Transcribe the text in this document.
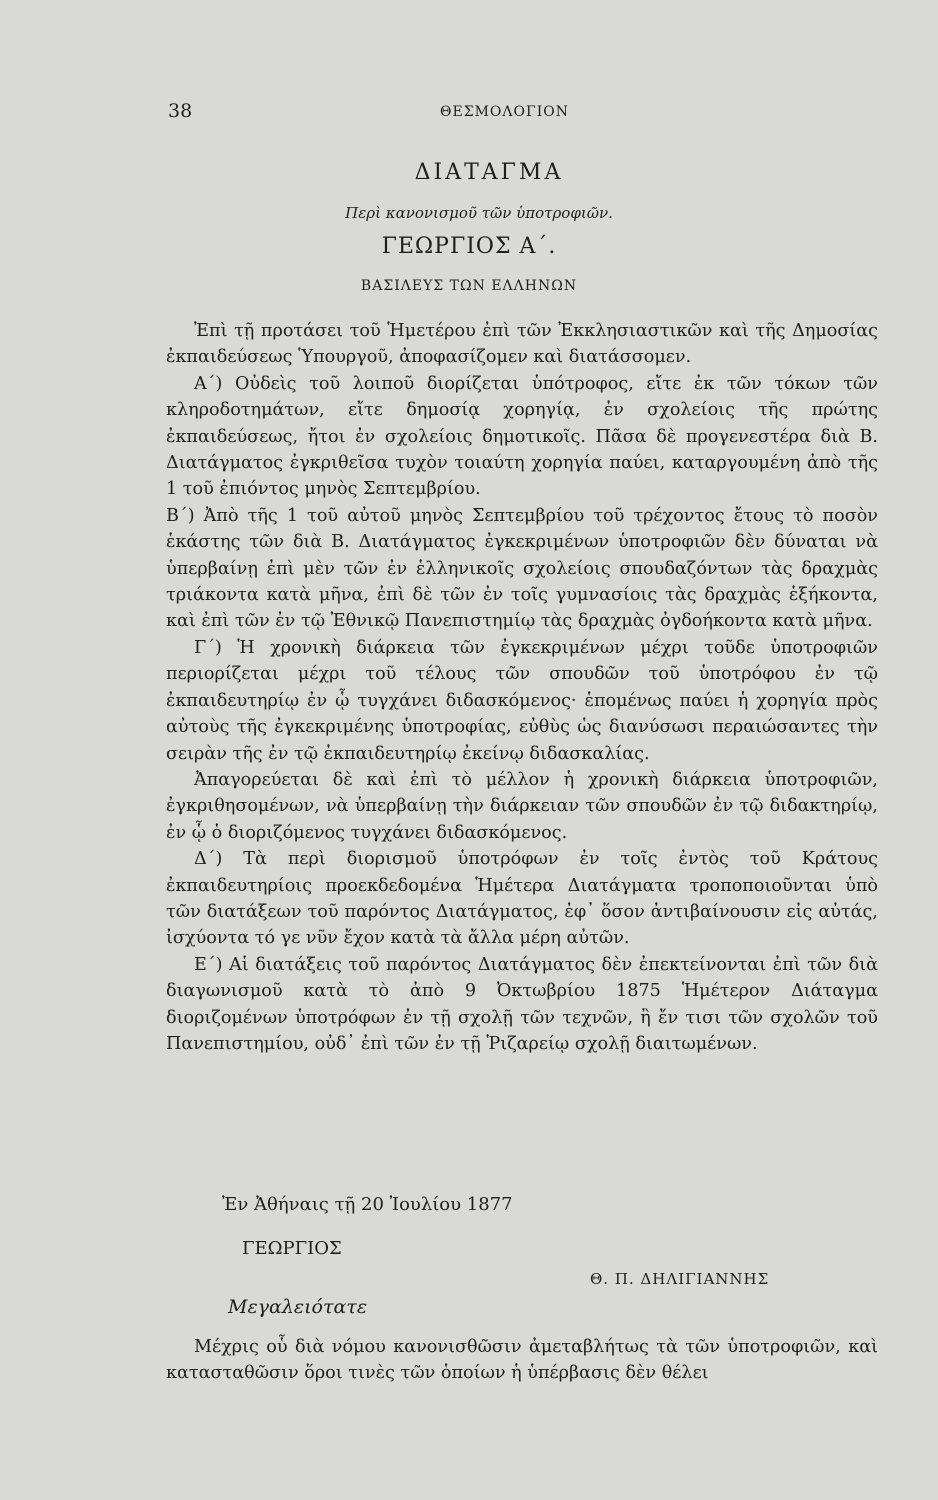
38	ΘΕΣΜΟΛΟΓΙΟΝ
ΔΙΑΤΑΓΜΑ
Περὶ κανονισμοῦ τῶν ὑποτροφιῶν.
ΓΕΩΡΓΙΟΣ Α΄.
ΒΑΣΙΛΕΥΣ ΤΩΝ ΕΛΛΗΝΩΝ

Ἐπὶ τῇ προτάσει τοῦ Ἡμετέρου ἐπὶ τῶν Ἐκκλησιαστικῶν καὶ τῆς Δημοσίας ἐκπαιδεύσεως Ὑπουργοῦ, ἀποφασίζομεν καὶ διατάσσομεν.

Α΄) Οὐδεὶς τοῦ λοιποῦ διορίζεται ὑπότροφος, εἴτε ἐκ τῶν τόκων τῶν κληροδοτημάτων, εἴτε δημοσίᾳ χορηγίᾳ, ἐν σχολείοις τῆς πρώτης ἐκπαιδεύσεως, ἤτοι ἐν σχολείοις δημοτικοῖς. Πᾶσα δὲ προγενεστέρα διὰ Β. Διατάγματος ἐγκριθεῖσα τυχὸν τοιαύτη χορηγία παύει, καταργουμένη ἀπὸ τῆς 1 τοῦ ἐπιόντος μηνὸς Σεπτεμβρίου.

Β΄) Ἀπὸ τῆς 1 τοῦ αὐτοῦ μηνὸς Σεπτεμβρίου τοῦ τρέχοντος ἔτους τὸ ποσὸν ἑκάστης τῶν διὰ Β. Διατάγματος ἐγκεκριμένων ὑποτροφιῶν δὲν δύναται νὰ ὑπερβαίνῃ ἐπὶ μὲν τῶν ἐν ἑλληνικοῖς σχολείοις σπουδαζόντων τὰς δραχμὰς τριάκοντα κατὰ μῆνα, ἐπὶ δὲ τῶν ἐν τοῖς γυμνασίοις τὰς δραχμὰς ἑξήκοντα, καὶ ἐπὶ τῶν ἐν τῷ Ἐθνικῷ Πανεπιστημίῳ τὰς δραχμὰς ὀγδοήκοντα κατὰ μῆνα.

Γ΄) Ἡ χρονικὴ διάρκεια τῶν ἐγκεκριμένων μέχρι τοῦδε ὑποτροφιῶν περιορίζεται μέχρι τοῦ τέλους τῶν σπουδῶν τοῦ ὑποτρόφου ἐν τῷ ἐκπαιδευτηρίῳ ἐν ᾧ τυγχάνει διδασκόμενος· ἑπομένως παύει ἡ χορηγία πρὸς αὐτοὺς τῆς ἐγκεκριμένης ὑποτροφίας, εὐθὺς ὡς διανύσωσι περαιώσαντες τὴν σειρὰν τῆς ἐν τῷ ἐκπαιδευτηρίῳ ἐκείνῳ διδασκαλίας.

Ἀπαγορεύεται δὲ καὶ ἐπὶ τὸ μέλλον ἡ χρονικὴ διάρκεια ὑποτροφιῶν, ἐγκριθησομένων, νὰ ὑπερβαίνῃ τὴν διάρκειαν τῶν σπουδῶν ἐν τῷ διδακτηρίῳ, ἐν ᾧ ὁ διοριζόμενος τυγχάνει διδασκόμενος.

Δ΄) Τὰ περὶ διορισμοῦ ὑποτρόφων ἐν τοῖς ἐντὸς τοῦ Κράτους ἐκπαιδευτηρίοις προεκδεδομένα Ἡμέτερα Διατάγματα τροποποιοῦνται ὑπὸ τῶν διατάξεων τοῦ παρόντος Διατάγματος, ἐφ᾽ ὅσον ἀντιβαίνουσιν εἰς αὐτάς, ἰσχύοντα τό γε νῦν ἔχον κατὰ τὰ ἄλλα μέρη αὐτῶν.

Ε΄) Αἱ διατάξεις τοῦ παρόντος Διατάγματος δὲν ἐπεκτείνονται ἐπὶ τῶν διὰ διαγωνισμοῦ κατὰ τὸ ἀπὸ 9 Ὀκτωβρίου 1875 Ἡμέτερον Διάταγμα διοριζομένων ὑποτρόφων ἐν τῇ σχολῇ τῶν τεχνῶν, ἢ ἔν τισι τῶν σχολῶν τοῦ Πανεπιστημίου, οὐδ᾽ ἐπὶ τῶν ἐν τῇ Ῥιζαρείῳ σχολῇ διαιτωμένων.

Ἐν Ἀθήναις τῇ 20 Ἰουλίου 1877
ΓΕΩΡΓΙΟΣ
Θ. Π. ΔΗΛΙΓΙΑΝΝΗΣ
Μεγαλειότατε

Μέχρις οὗ διὰ νόμου κανονισθῶσιν ἀμεταβλήτως τὰ τῶν ὑποτροφιῶν, καὶ κατασταθῶσιν ὅροι τινὲς τῶν ὁποίων ἡ ὑπέρβασις δὲν θέλει
